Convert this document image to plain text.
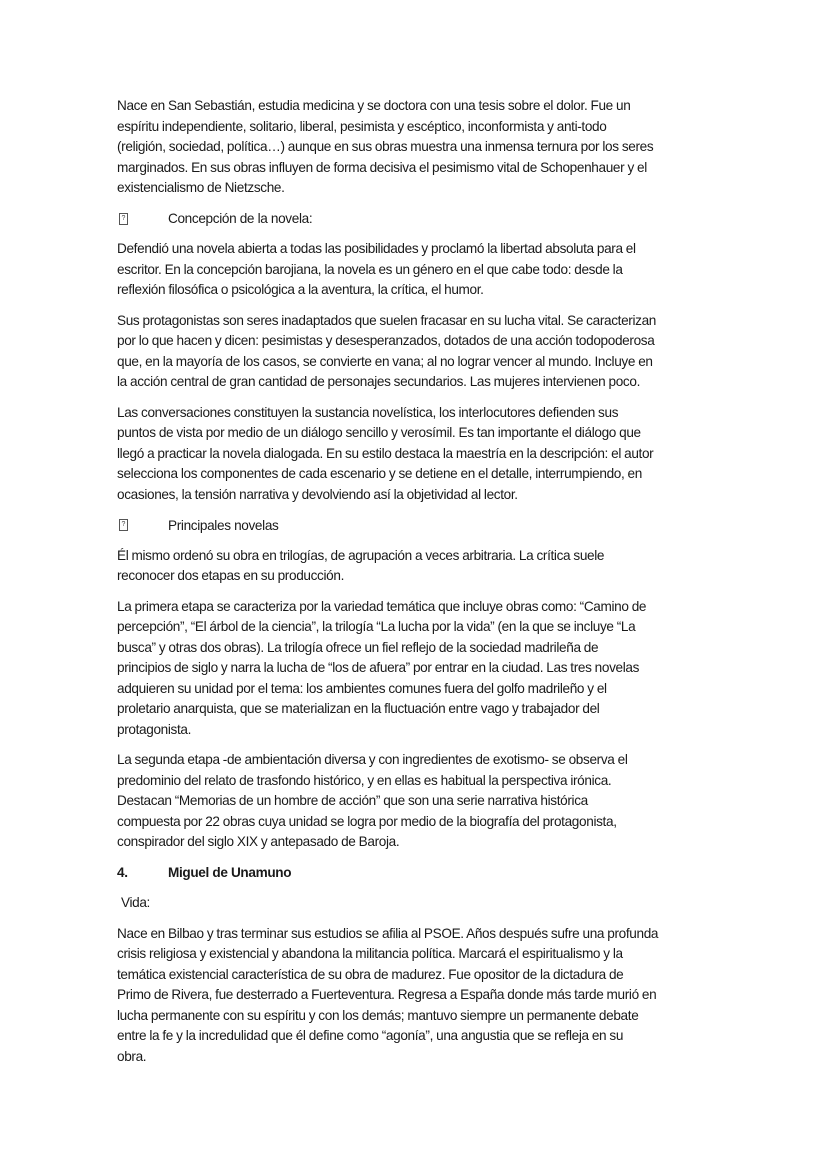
Nace en San Sebastián, estudia medicina y se doctora con una tesis sobre el dolor. Fue un
espíritu independiente, solitario, liberal, pesimista y escéptico, inconformista y anti-todo
(religión, sociedad, política…) aunque en sus obras muestra una inmensa ternura por los seres
marginados. En sus obras influyen de forma decisiva el pesimismo vital de Schopenhauer y el
existencialismo de Nietzsche.
?	Concepción de la novela:
Defendió una novela abierta a todas las posibilidades y proclamó la libertad absoluta para el
escritor. En la concepción barojiana, la novela es un género en el que cabe todo: desde la
reflexión filosófica o psicológica a la aventura, la crítica, el humor.
Sus protagonistas son seres inadaptados que suelen fracasar en su lucha vital. Se caracterizan
por lo que hacen y dicen: pesimistas y desesperanzados, dotados de una acción todopoderosa
que, en la mayoría de los casos, se convierte en vana; al no lograr vencer al mundo. Incluye en
la acción central de gran cantidad de personajes secundarios. Las mujeres intervienen poco.
Las conversaciones constituyen la sustancia novelística, los interlocutores defienden sus
puntos de vista por medio de un diálogo sencillo y verosímil. Es tan importante el diálogo que
llegó a practicar la novela dialogada. En su estilo destaca la maestría en la descripción: el autor
selecciona los componentes de cada escenario y se detiene en el detalle, interrumpiendo, en
ocasiones, la tensión narrativa y devolviendo así la objetividad al lector.
?	Principales novelas
Él mismo ordenó su obra en trilogías, de agrupación a veces arbitraria. La crítica suele
reconocer dos etapas en su producción.
La primera etapa se caracteriza por la variedad temática que incluye obras como: “Camino de
percepción”, “El árbol de la ciencia”, la trilogía “La lucha por la vida” (en la que se incluye “La
busca” y otras dos obras). La trilogía ofrece un fiel reflejo de la sociedad madrileña de
principios de siglo y narra la lucha de “los de afuera” por entrar en la ciudad. Las tres novelas
adquieren su unidad por el tema: los ambientes comunes fuera del golfo madrileño y el
proletario anarquista, que se materializan en la fluctuación entre vago y trabajador del
protagonista.
La segunda etapa -de ambientación diversa y con ingredientes de exotismo- se observa el
predominio del relato de trasfondo histórico, y en ellas es habitual la perspectiva irónica.
Destacan “Memorias de un hombre de acción” que son una serie narrativa histórica
compuesta por 22 obras cuya unidad se logra por medio de la biografía del protagonista,
conspirador del siglo XIX y antepasado de Baroja.
4.	Miguel de Unamuno
Vida:
Nace en Bilbao y tras terminar sus estudios se afilia al PSOE. Años después sufre una profunda
crisis religiosa y existencial y abandona la militancia política. Marcará el espiritualismo y la
temática existencial característica de su obra de madurez. Fue opositor de la dictadura de
Primo de Rivera, fue desterrado a Fuerteventura. Regresa a España donde más tarde murió en
lucha permanente con su espíritu y con los demás; mantuvo siempre un permanente debate
entre la fe y la incredulidad que él define como “agonía”, una angustia que se refleja en su
obra.
